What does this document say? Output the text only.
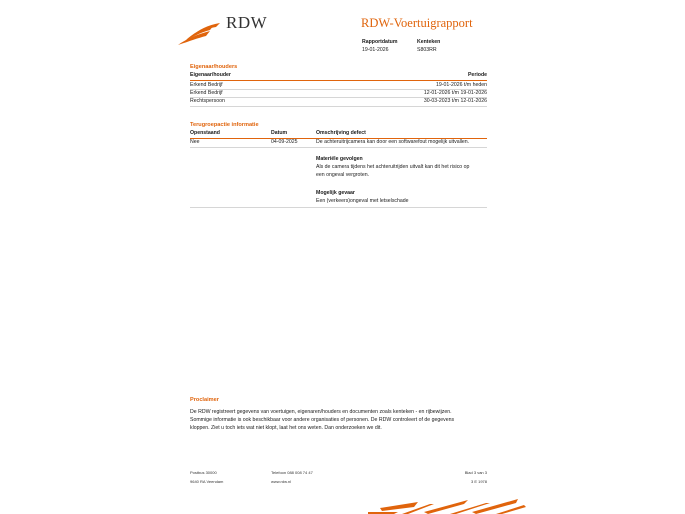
RDW	RDW-Voertuigrapport
Rapportdatum
19-01-2026
Kenteken
S803RR
Eigenaar/houders
Eigenaar/houder	Periode
Erkend Bedrijf	19-01-2026 t/m heden
Erkend Bedrijf	12-01-2026 t/m 19-01-2026
Rechtspersoon	30-03-2023 t/m 12-01-2026
Terugroepactie informatie
Openstaand	Datum	Omschrijving defect
Nee	04-09-2025	De achteruitrijcamera kan door een softwarefout mogelijk uitvallen.
Materiële gevolgen
Als de camera tijdens het achteruitrijden uitvalt kan dit het risico op
een ongeval vergroten.
Mogelijk gevaar
Een (verkeers)ongeval met letselschade
Proclaimer
De RDW registreert gegevens van voertuigen, eigenaren/houders en documenten zoals kenteken - en rijbewijzen.
Sommige informatie is ook beschikbaar voor andere organisaties of personen. De RDW controleert of de gegevens
kloppen. Ziet u toch iets wat niet klopt, laat het ons weten. Dan onderzoeken we dit.
Postbus 30000
9640 RA Veendam
Telefoon 088 008 74 47
www.rdw.nl
Blad 3 van 3
3 E 1978
